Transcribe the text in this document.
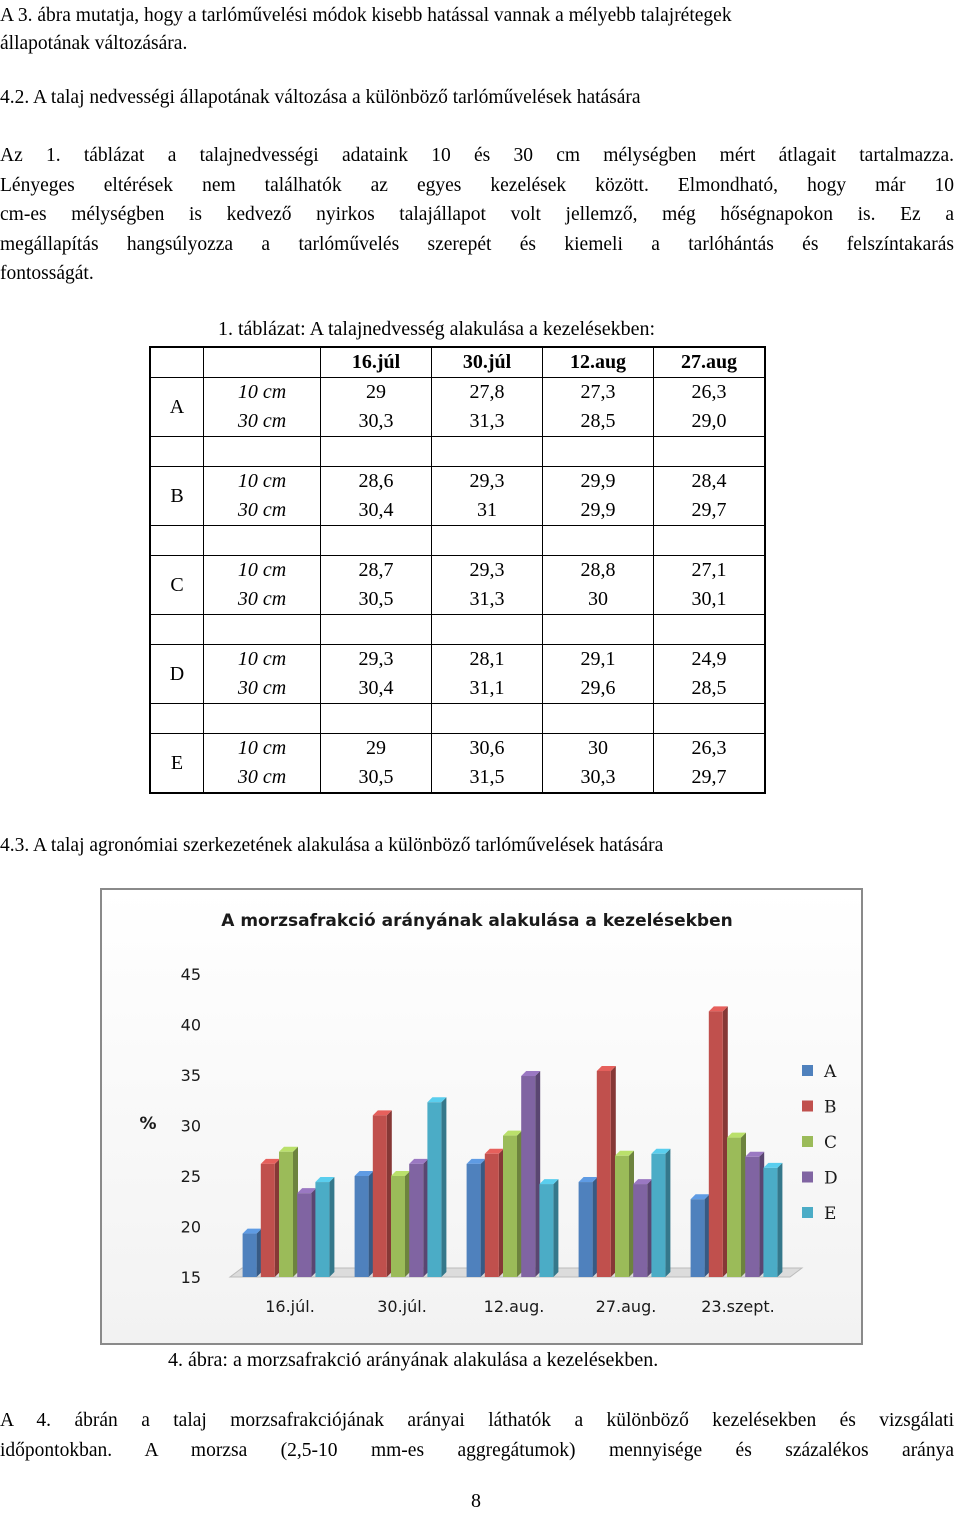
A 3. ábra mutatja, hogy a tarlóművelési módok kisebb hatással vannak a mélyebb talajrétegek
állapotának változására.
4.2. A talaj nedvességi állapotának változása a különböző tarlóművelések hatására
Az 1. táblázat a talajnedvességi adataink 10 és 30 cm mélységben mért átlagait tartalmazza.
Lényeges eltérések nem találhatók az egyes kezelések között. Elmondható, hogy már 10
cm-es mélységben is kedvező nyirkos talajállapot volt jellemző, még hőségnapokon is. Ez a
megállapítás hangsúlyozza a tarlóművelés szerepét és kiemeli a tarlóhántás és felszíntakarás
fontosságát.
1. táblázat: A talajnedvesség alakulása a kezelésekben:
		16.júl	30.júl	12.aug	27.aug
A	10 cm	29	27,8	27,3	26,3
	30 cm	30,3	31,3	28,5	29,0

B	10 cm	28,6	29,3	29,9	28,4
	30 cm	30,4	31	29,9	29,7

C	10 cm	28,7	29,3	28,8	27,1
	30 cm	30,5	31,3	30	30,1

D	10 cm	29,3	28,1	29,1	24,9
	30 cm	30,4	31,1	29,6	28,5

E	10 cm	29	30,6	30	26,3
	30 cm	30,5	31,5	30,3	29,7
4.3. A talaj agronómiai szerkezetének alakulása a különböző tarlóművelések hatására
A morzsafrakció arányának alakulása a kezelésekben
%
15
20
25
30
35
40
45
16.júl.	30.júl.	12.aug.	27.aug.	23.szept.
A
B
C
D
E
4. ábra: a morzsafrakció arányának alakulása a kezelésekben.
A 4. ábrán a talaj morzsafrakciójának arányai láthatók a különböző kezelésekben és vizsgálati
időpontokban. A morzsa (2,5-10 mm-es aggregátumok) mennyisége és százalékos aránya
8
